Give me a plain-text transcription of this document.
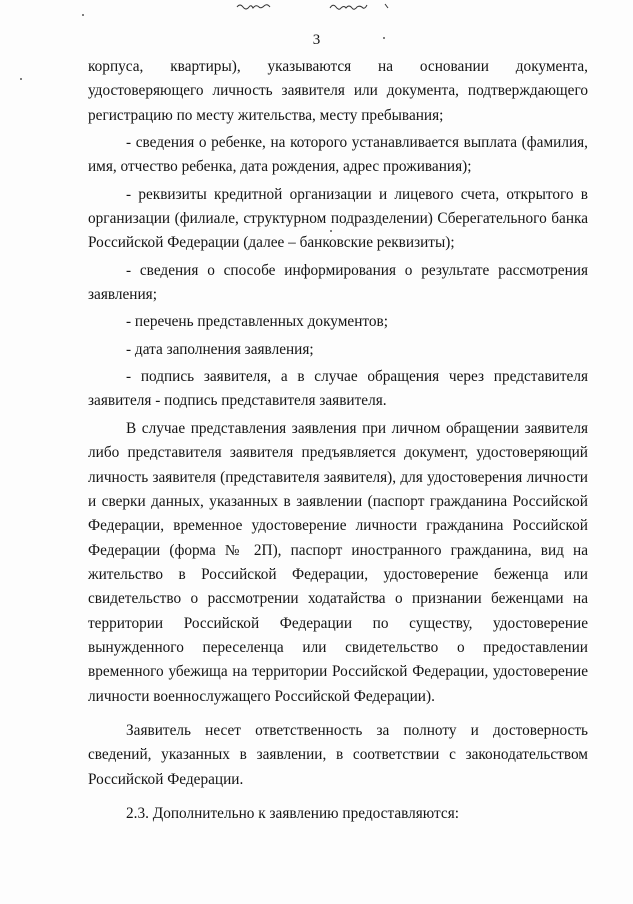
3

корпуса, квартиры), указываются на основании документа, удостоверяющего личность заявителя или документа, подтверждающего регистрацию по месту жительства, месту пребывания;

- сведения о ребенке, на которого устанавливается выплата (фамилия, имя, отчество ребенка, дата рождения, адрес проживания);

- реквизиты кредитной организации и лицевого счета, открытого в организации (филиале, структурном подразделении) Сберегательного банка Российской Федерации (далее – банковские реквизиты);

- сведения о способе информирования о результате рассмотрения заявления;

- перечень представленных документов;

- дата заполнения заявления;

- подпись заявителя, а в случае обращения через представителя заявителя - подпись представителя заявителя.

В случае представления заявления при личном обращении заявителя либо представителя заявителя предъявляется документ, удостоверяющий личность заявителя (представителя заявителя), для удостоверения личности и сверки данных, указанных в заявлении (паспорт гражданина Российской Федерации, временное удостоверение личности гражданина Российской Федерации (форма № 2П), паспорт иностранного гражданина, вид на жительство в Российской Федерации, удостоверение беженца или свидетельство о рассмотрении ходатайства о признании беженцами на территории Российской Федерации по существу, удостоверение вынужденного переселенца или свидетельство о предоставлении временного убежища на территории Российской Федерации, удостоверение личности военнослужащего Российской Федерации).

Заявитель несет ответственность за полноту и достоверность сведений, указанных в заявлении, в соответствии с законодательством Российской Федерации.

2.3. Дополнительно к заявлению предоставляются:
